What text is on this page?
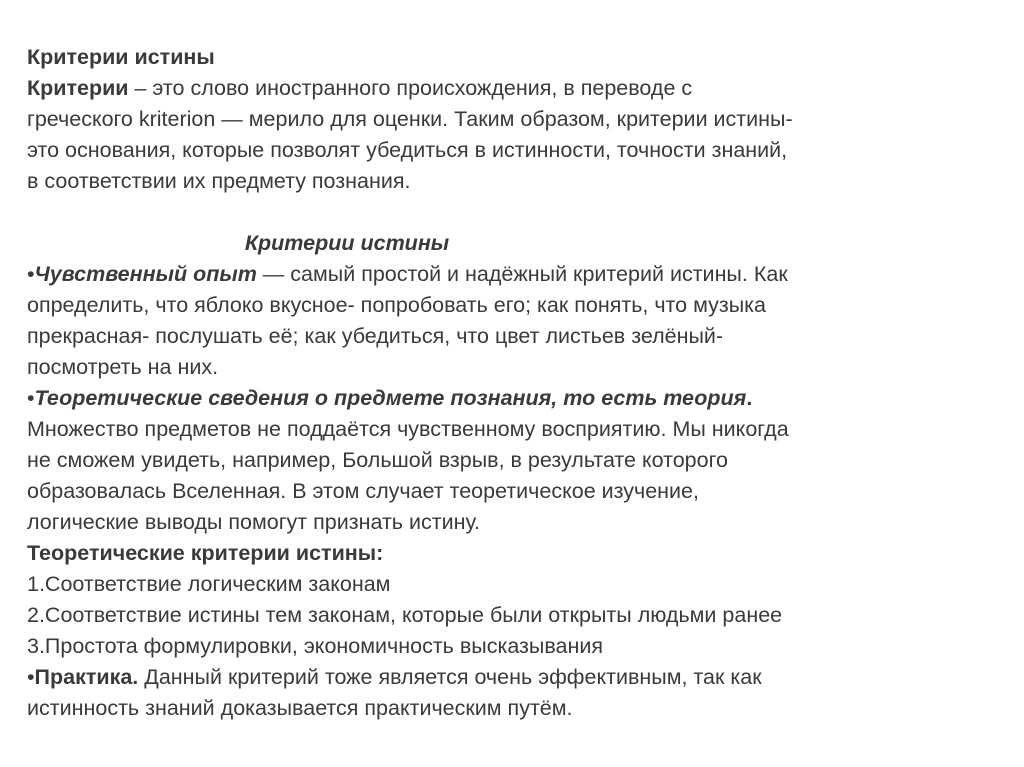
Критерии истины
Критерии – это слово иностранного происхождения, в переводе с
греческого kriterion — мерило для оценки. Таким образом, критерии истины-
это основания, которые позволят убедиться в истинности, точности знаний,
в соответствии их предмету познания.
Критерии истины
•Чувственный опыт — самый простой и надёжный критерий истины. Как
определить, что яблоко вкусное- попробовать его; как понять, что музыка
прекрасная- послушать её; как убедиться, что цвет листьев зелёный-
посмотреть на них.
•Теоретические сведения о предмете познания, то есть теория.
Множество предметов не поддаётся чувственному восприятию. Мы никогда
не сможем увидеть, например, Большой взрыв, в результате которого
образовалась Вселенная. В этом случает теоретическое изучение,
логические выводы помогут признать истину.
Теоретические критерии истины:
1.Соответствие логическим законам
2.Соответствие истины тем законам, которые были открыты людьми ранее
3.Простота формулировки, экономичность высказывания
•Практика. Данный критерий тоже является очень эффективным, так как
истинность знаний доказывается практическим путём.
